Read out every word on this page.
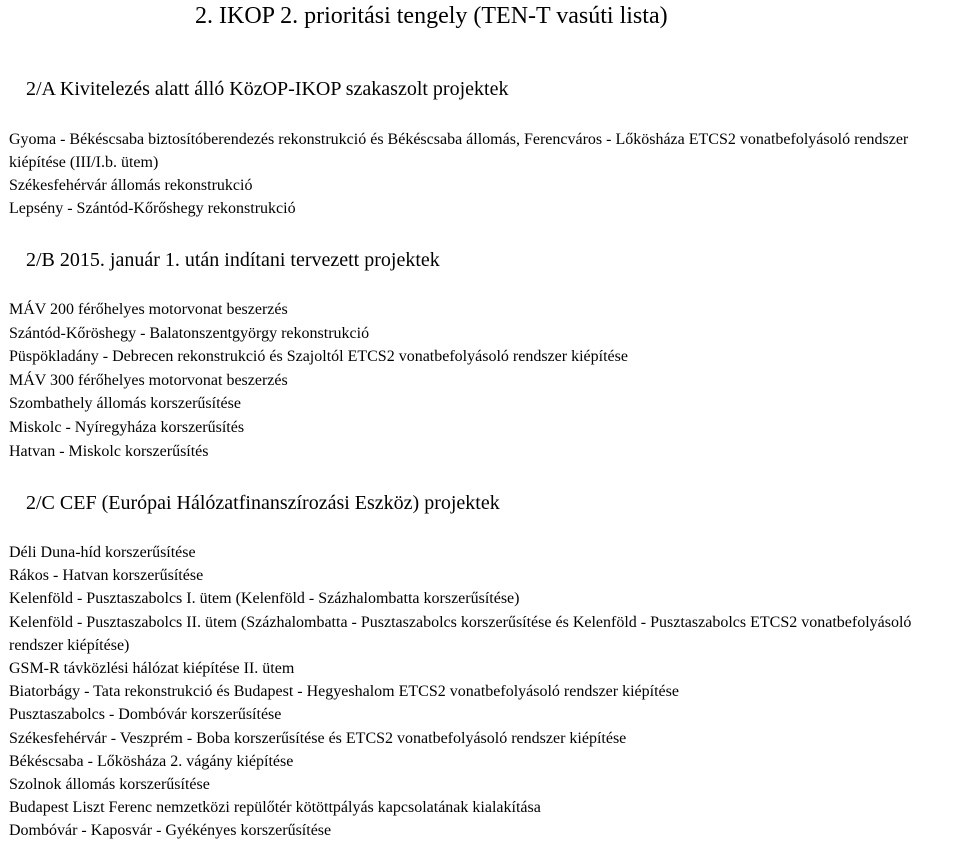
2. IKOP 2. prioritási tengely (TEN-T vasúti lista)
2/A Kivitelezés alatt álló KözOP-IKOP szakaszolt projektek
Gyoma - Békéscsaba biztosítóberendezés rekonstrukció és Békéscsaba állomás, Ferencváros - Lőkösháza ETCS2 vonatbefolyásoló rendszer kiépítése (III/I.b. ütem)
Székesfehérvár állomás rekonstrukció
Lepsény - Szántód-Kőrőshegy rekonstrukció
2/B 2015. január 1. után indítani tervezett projektek
MÁV 200 férőhelyes motorvonat beszerzés
Szántód-Kőröshegy - Balatonszentgyörgy rekonstrukció
Püspökladány - Debrecen rekonstrukció és Szajoltól ETCS2 vonatbefolyásoló rendszer kiépítése
MÁV 300 férőhelyes motorvonat beszerzés
Szombathely állomás korszerűsítése
Miskolc - Nyíregyháza korszerűsítés
Hatvan - Miskolc korszerűsítés
2/C CEF (Európai Hálózatfinanszírozási Eszköz) projektek
Déli Duna-híd korszerűsítése
Rákos - Hatvan korszerűsítése
Kelenföld - Pusztaszabolcs I. ütem (Kelenföld - Százhalombatta korszerűsítése)
Kelenföld - Pusztaszabolcs II. ütem (Százhalombatta - Pusztaszabolcs korszerűsítése és Kelenföld - Pusztaszabolcs ETCS2 vonatbefolyásoló rendszer kiépítése)
GSM-R távközlési hálózat kiépítése II. ütem
Biatorbágy - Tata rekonstrukció és Budapest - Hegyeshalom ETCS2 vonatbefolyásoló rendszer kiépítése
Pusztaszabolcs - Dombóvár korszerűsítése
Székesfehérvár - Veszprém - Boba korszerűsítése és ETCS2 vonatbefolyásoló rendszer kiépítése
Békéscsaba - Lőkösháza 2. vágány kiépítése
Szolnok állomás korszerűsítése
Budapest Liszt Ferenc nemzetközi repülőtér kötöttpályás kapcsolatának kialakítása
Dombóvár - Kaposvár - Gyékényes korszerűsítése
